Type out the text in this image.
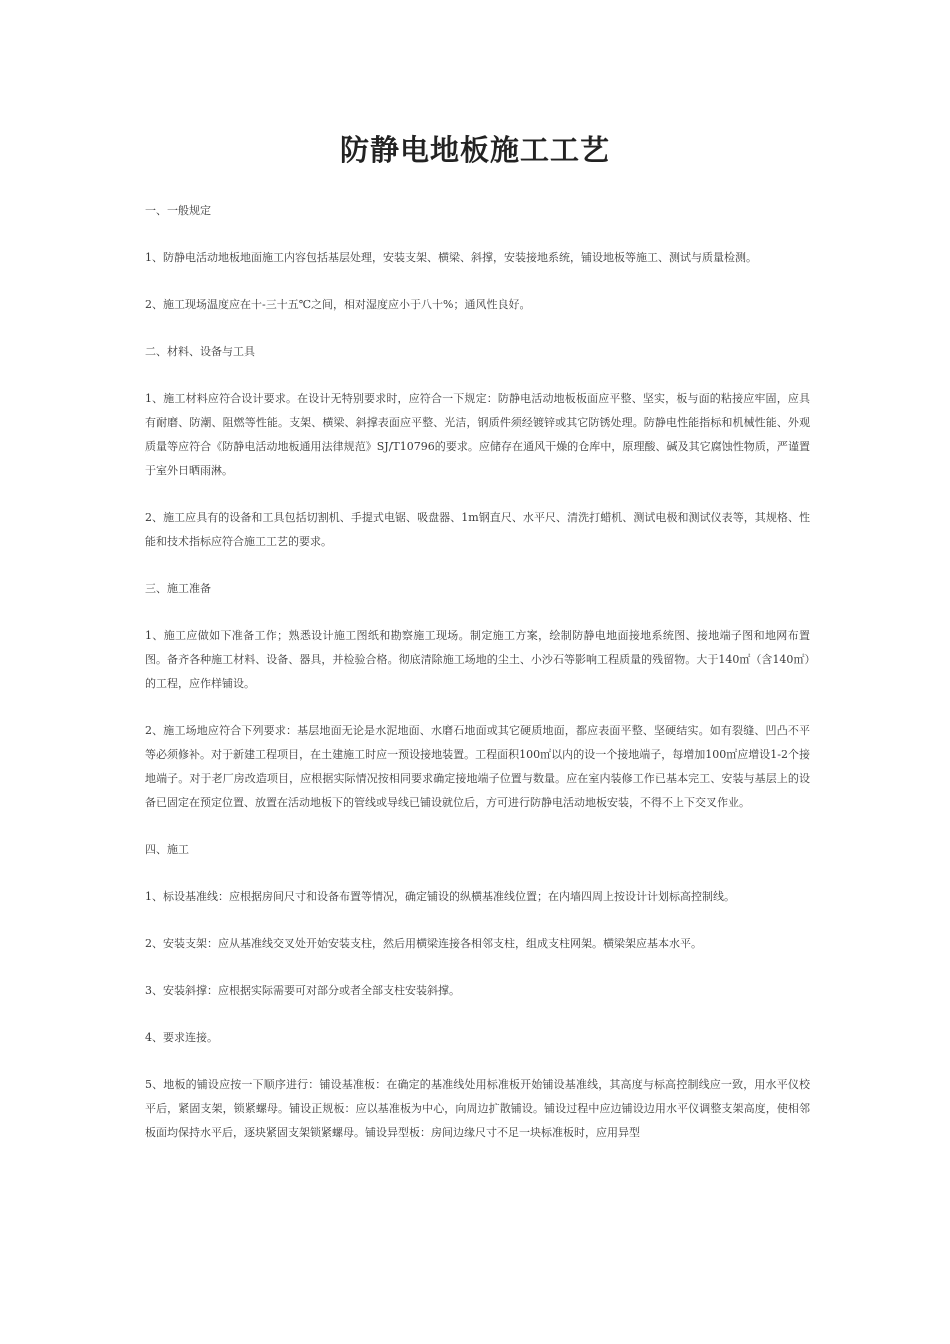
防静电地板施工工艺

一、一般规定

1、防静电活动地板地面施工内容包括基层处理，安装支架、横梁、斜撑，安装接地系统，铺设地板等施工、测试与质量检测。

2、施工现场温度应在十-三十五℃之间，相对湿度应小于八十%；通风性良好。

二、材料、设备与工具

1、施工材料应符合设计要求。在设计无特别要求时，应符合一下规定：防静电活动地板板面应平整、坚实，板与面的粘接应牢固，应具有耐磨、防潮、阻燃等性能。支架、横梁、斜撑表面应平整、光洁，钢质件须经镀锌或其它防锈处理。防静电性能指标和机械性能、外观质量等应符合《防静电活动地板通用法律规范》SJ/T10796的要求。应储存在通风干燥的仓库中，原理酸、碱及其它腐蚀性物质，严谨置于室外日晒雨淋。

2、施工应具有的设备和工具包括切割机、手提式电锯、吸盘器、1m钢直尺、水平尺、清洗打蜡机、测试电极和测试仪表等，其规格、性能和技术指标应符合施工工艺的要求。

三、施工准备

1、施工应做如下准备工作；熟悉设计施工图纸和勘察施工现场。制定施工方案，绘制防静电地面接地系统图、接地端子图和地网布置图。备齐各种施工材料、设备、器具，并检验合格。彻底清除施工场地的尘土、小沙石等影响工程质量的残留物。大于140㎡（含140㎡）的工程，应作样铺设。

2、施工场地应符合下列要求：基层地面无论是水泥地面、水磨石地面或其它硬质地面，都应表面平整、坚硬结实。如有裂缝、凹凸不平等必须修补。对于新建工程项目，在土建施工时应一预设接地装置。工程面积100㎡以内的设一个接地端子，每增加100㎡应增设1-2个接地端子。对于老厂房改造项目，应根据实际情况按相同要求确定接地端子位置与数量。应在室内装修工作已基本完工、安装与基层上的设备已固定在预定位置、放置在活动地板下的管线或导线已铺设就位后，方可进行防静电活动地板安装，不得不上下交叉作业。

四、施工

1、标设基准线：应根据房间尺寸和设备布置等情况，确定铺设的纵横基准线位置；在内墙四周上按设计计划标高控制线。

2、安装支架：应从基准线交叉处开始安装支柱，然后用横梁连接各相邻支柱，组成支柱网架。横梁架应基本水平。

3、安装斜撑：应根据实际需要可对部分或者全部支柱安装斜撑。

4、要求连接。

5、地板的铺设应按一下顺序进行：铺设基准板：在确定的基准线处用标准板开始铺设基准线，其高度与标高控制线应一致，用水平仪校平后，紧固支架，锁紧螺母。铺设正规板：应以基准板为中心，向周边扩散铺设。铺设过程中应边铺设边用水平仪调整支架高度，使相邻板面均保持水平后，逐块紧固支架锁紧螺母。铺设异型板：房间边缘尺寸不足一块标准板时，应用异型
